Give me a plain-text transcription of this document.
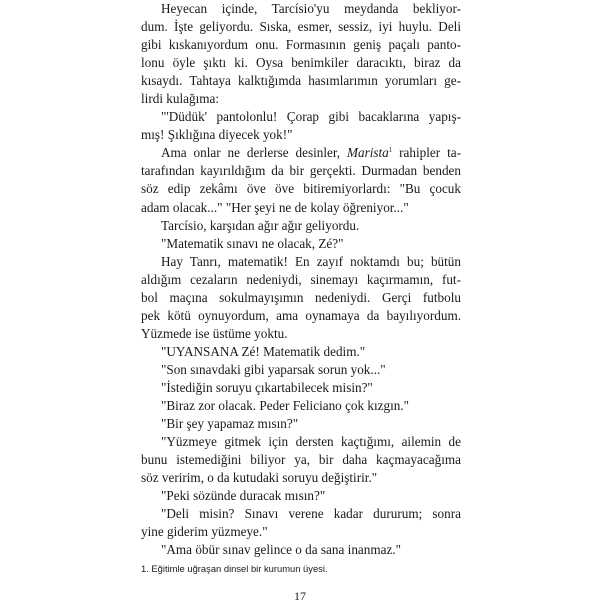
Heyecan içinde, Tarcísio'yu meydanda bekliyor-
dum. İşte geliyordu. Sıska, esmer, sessiz, iyi huylu. Deli
gibi kıskanıyordum onu. Formasının geniş paçalı panto-
lonu öyle şıktı ki. Oysa benimkiler daracıktı, biraz da
kısaydı. Tahtaya kalktığımda hasımlarımın yorumları ge-
lirdi kulağıma:
"'Düdük' pantolonlu! Çorap gibi bacaklarına yapış-
mış! Şıklığına diyecek yok!"
Ama onlar ne derlerse desinler, Marista$^1$ rahipler ta-
tarafından kayırıldığım da bir gerçekti. Durmadan benden
söz edip zekâmı öve öve bitiremiyorlardı: "Bu çocuk
adam olacak..." "Her şeyi ne de kolay öğreniyor..."
Tarcísio, karşıdan ağır ağır geliyordu.
"Matematik sınavı ne olacak, Zé?"
Hay Tanrı, matematik! En zayıf noktamdı bu; bütün
aldığım cezaların nedeniydi, sinemayı kaçırmamın, fut-
bol maçına sokulmayışımın nedeniydi. Gerçi futbolu
pek kötü oynuyordum, ama oynamaya da bayılıyordum.
Yüzmede ise üstüme yoktu.
"UYANSANA Zé! Matematik dedim."
"Son sınavdaki gibi yaparsak sorun yok..."
"İstediğin soruyu çıkartabilecek misin?"
"Biraz zor olacak. Peder Feliciano çok kızgın."
"Bir şey yapamaz mısın?"
"Yüzmeye gitmek için dersten kaçtığımı, ailemin de
bunu istemediğini biliyor ya, bir daha kaçmayacağıma
söz veririm, o da kutudaki soruyu değiştirir."
"Peki sözünde duracak mısın?"
"Deli misin? Sınavı verene kadar dururum; sonra
yine giderim yüzmeye."
"Ama öbür sınav gelince o da sana inanmaz."
1. Eğitimle uğraşan dinsel bir kurumun üyesi.
17
